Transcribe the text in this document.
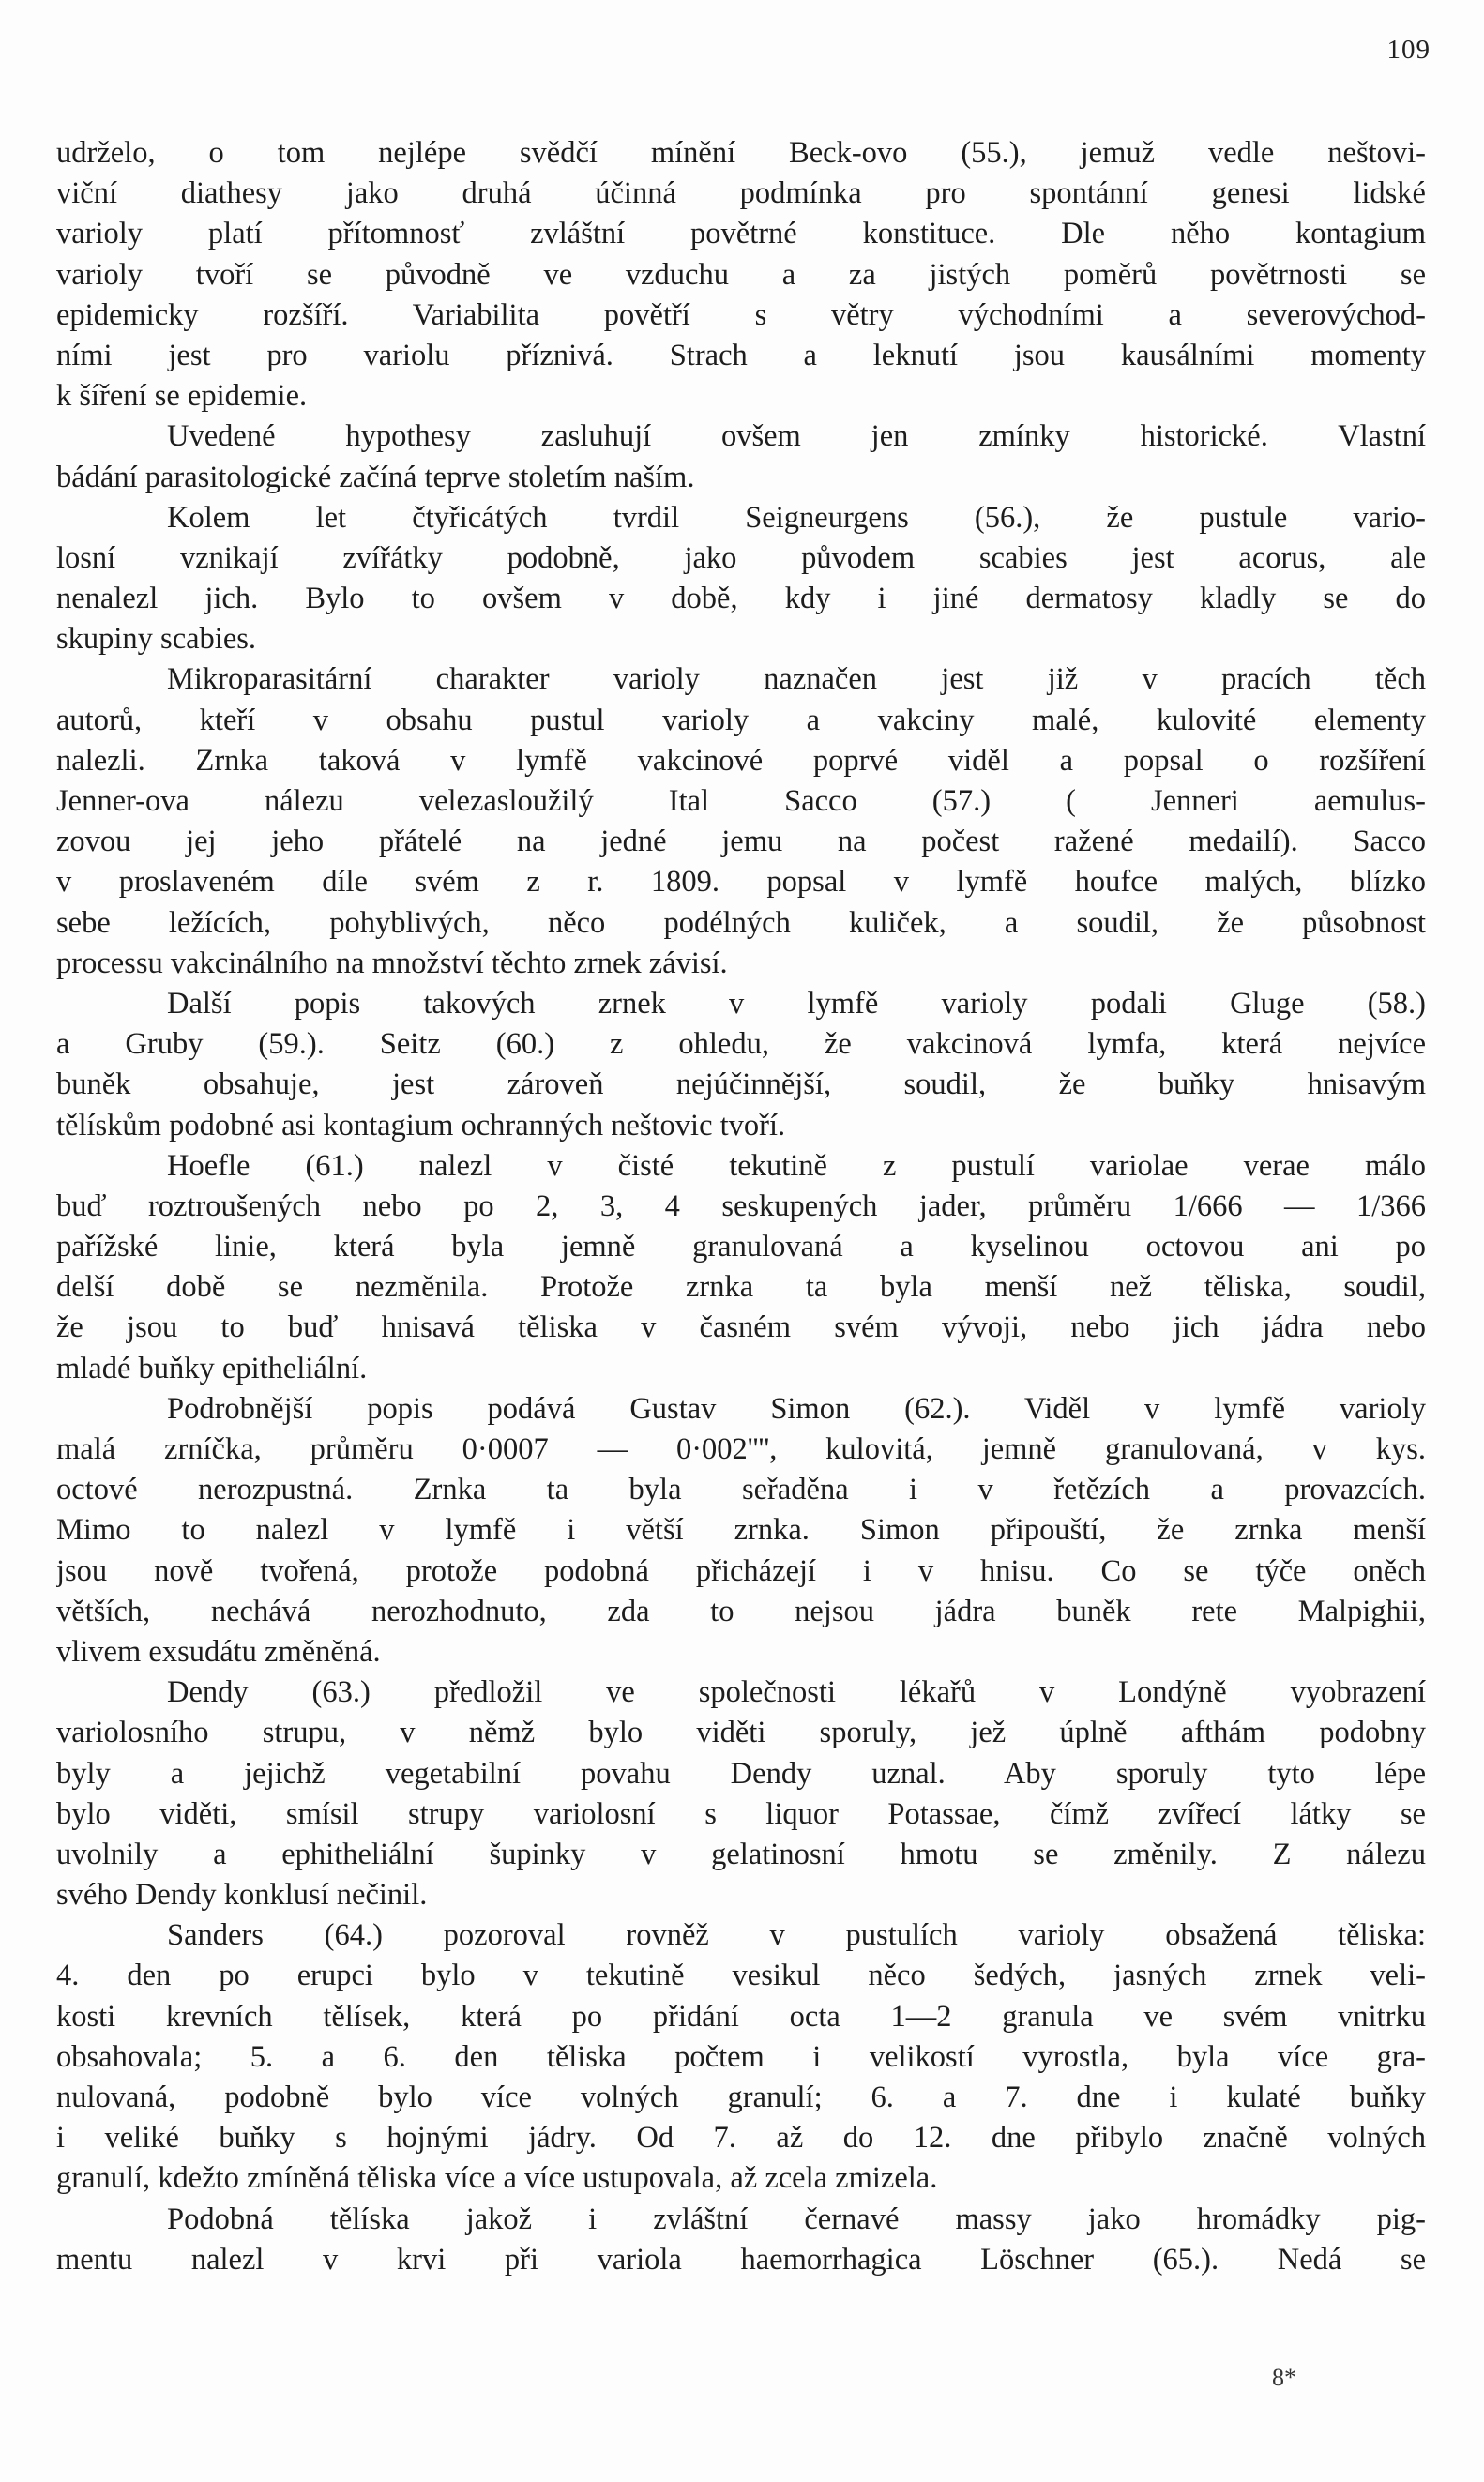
109
udrželo, o tom nejlépe svědčí mínění Beck-ovo (55.), jemuž vedle neštovi-
viční diathesy jako druhá účinná podmínka pro spontánní genesi lidské
varioly platí přítomnosť zvláštní povětrné konstituce. Dle něho kontagium
varioly tvoří se původně ve vzduchu a za jistých poměrů povětrnosti se
epidemicky rozšíří. Variabilita povětří s větry východními a severovýchod-
ními jest pro variolu příznivá. Strach a leknutí jsou kausálními momenty
k šíření se epidemie.
Uvedené hypothesy zasluhují ovšem jen zmínky historické. Vlastní
bádání parasitologické začíná teprve stoletím naším.
Kolem let čtyřicátých tvrdil Seigneurgens (56.), že pustule vario-
losní vznikají zvířátky podobně, jako původem scabies jest acorus, ale
nenalezl jich. Bylo to ovšem v době, kdy i jiné dermatosy kladly se do
skupiny scabies.
Mikroparasitární charakter varioly naznačen jest již v pracích těch
autorů, kteří v obsahu pustul varioly a vakciny malé, kulovité elementy
nalezli. Zrnka taková v lymfě vakcinové poprvé viděl a popsal o rozšíření
Jenner-ova nálezu velezasloužilý Ital Sacco (57.) ( Jenneri aemulus-
zovou jej jeho přátelé na jedné jemu na počest ražené medailí). Sacco
v proslaveném díle svém z r. 1809. popsal v lymfě houfce malých, blízko
sebe ležících, pohyblivých, něco podélných kuliček, a soudil, že působnost
processu vakcinálního na množství těchto zrnek závisí.
Další popis takových zrnek v lymfě varioly podali Gluge (58.)
a Gruby (59.). Seitz (60.) z ohledu, že vakcinová lymfa, která nejvíce
buněk obsahuje, jest zároveň nejúčinnější, soudil, že buňky hnisavým
tělískům podobné asi kontagium ochranných neštovic tvoří.
Hoefle (61.) nalezl v čisté tekutině z pustulí variolae verae málo
buď roztroušených nebo po 2, 3, 4 seskupených jader, průměru 1/666 — 1/366
pařížské linie, která byla jemně granulovaná a kyselinou octovou ani po
delší době se nezměnila. Protože zrnka ta byla menší než těliska, soudil,
že jsou to buď hnisavá těliska v časném svém vývoji, nebo jich jádra nebo
mladé buňky epitheliální.
Podrobnější popis podává Gustav Simon (62.). Viděl v lymfě varioly
malá zrníčka, průměru 0·0007 — 0·002'''', kulovitá, jemně granulovaná, v kys.
octové nerozpustná. Zrnka ta byla seřaděna i v řetězích a provazcích.
Mimo to nalezl v lymfě i větší zrnka. Simon připouští, že zrnka menší
jsou nově tvořená, protože podobná přicházejí i v hnisu. Co se týče oněch
větších, nechává nerozhodnuto, zda to nejsou jádra buněk rete Malpighii,
vlivem exsudátu změněná.
Dendy (63.) předložil ve společnosti lékařů v Londýně vyobrazení
variolosního strupu, v němž bylo viděti sporuly, jež úplně afthám podobny
byly a jejichž vegetabilní povahu Dendy uznal. Aby sporuly tyto lépe
bylo viděti, smísil strupy variolosní s liquor Potassae, čímž zvířecí látky se
uvolnily a ephitheliální šupinky v gelatinosní hmotu se změnily. Z nálezu
svého Dendy konklusí nečinil.
Sanders (64.) pozoroval rovněž v pustulích varioly obsažená těliska:
4. den po erupci bylo v tekutině vesikul něco šedých, jasných zrnek veli-
kosti krevních tělísek, která po přidání octa 1—2 granula ve svém vnitrku
obsahovala; 5. a 6. den těliska počtem i velikostí vyrostla, byla více gra-
nulovaná, podobně bylo více volných granulí; 6. a 7. dne i kulaté buňky
i veliké buňky s hojnými jádry. Od 7. až do 12. dne přibylo značně volných
granulí, kdežto zmíněná těliska více a více ustupovala, až zcela zmizela.
Podobná tělíska jakož i zvláštní černavé massy jako hromádky pig-
mentu nalezl v krvi při variola haemorrhagica Löschner (65.). Nedá se
8*
